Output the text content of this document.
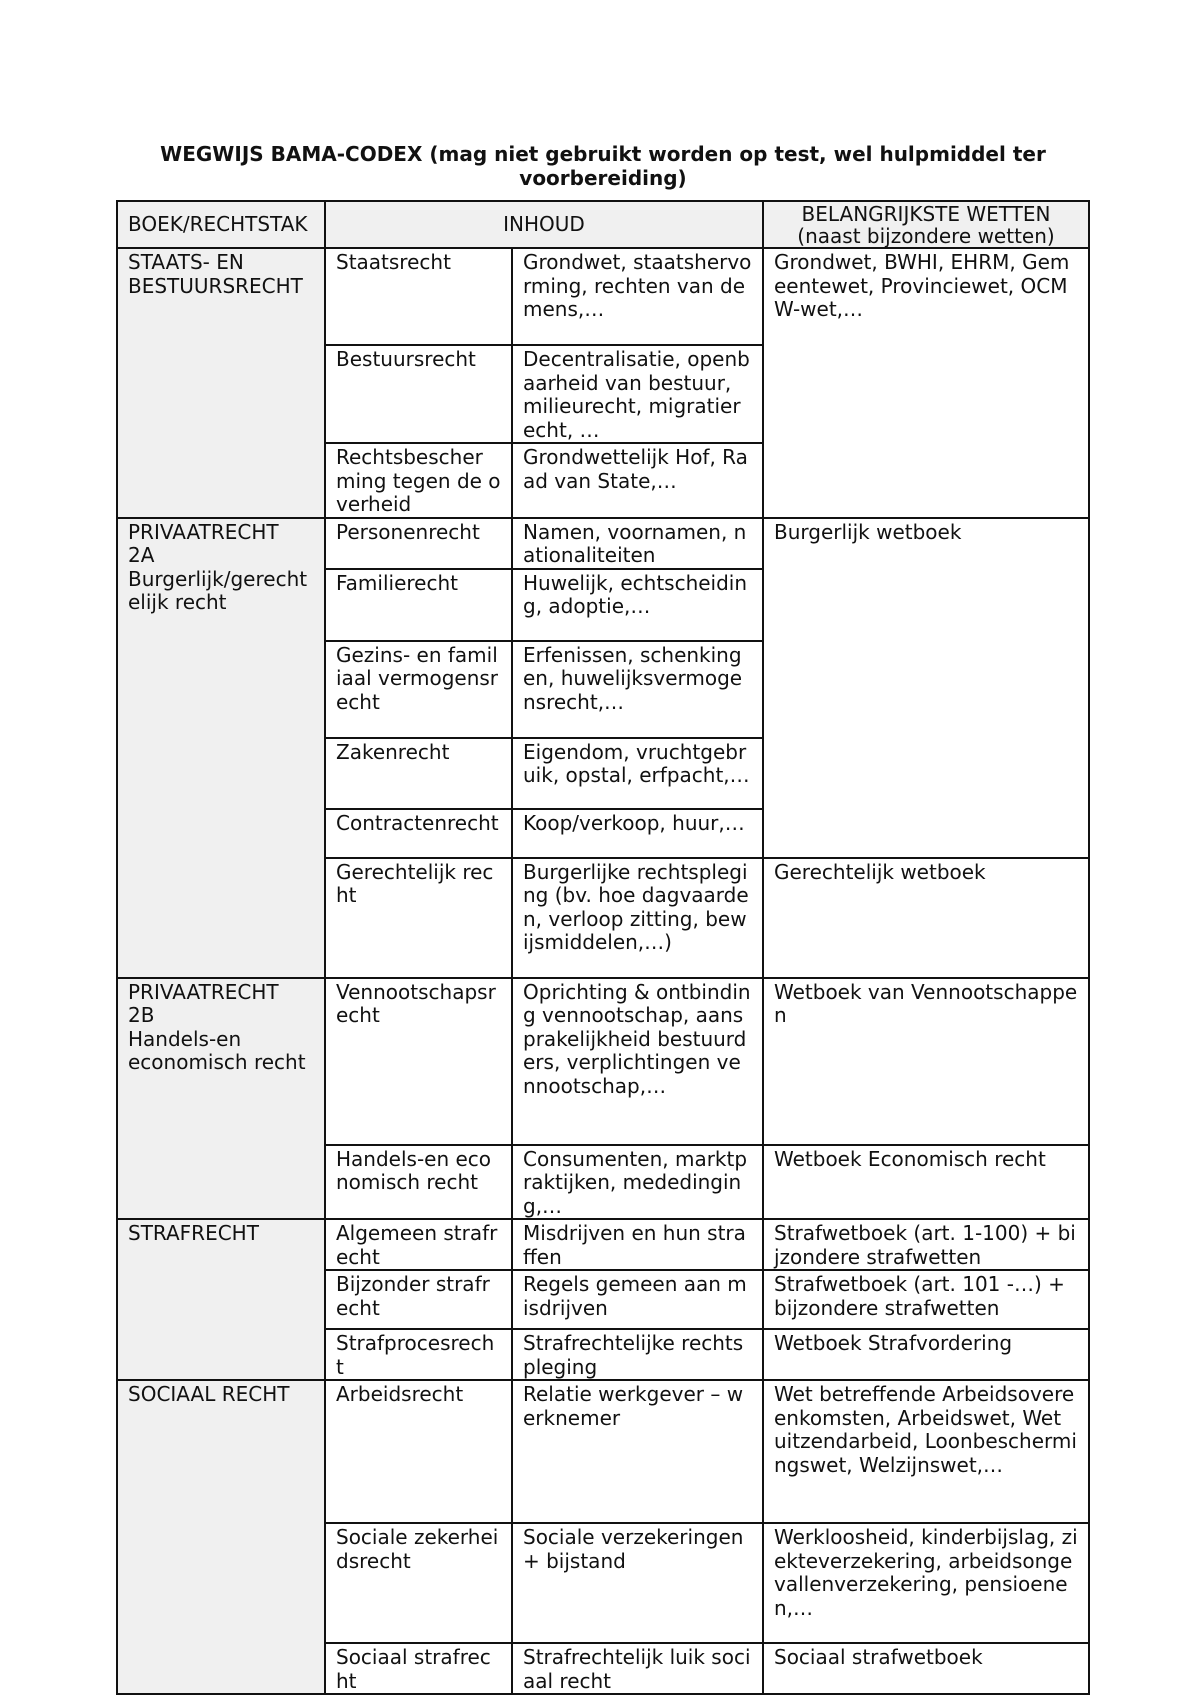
WEGWIJS BAMA-CODEX (mag niet gebruikt worden op test, wel hulpmiddel ter voorbereiding)
BOEK/RECHTSTAK	INHOUD		BELANGRIJKSTE WETTEN
(naast bijzondere wetten)

STAATS- EN
BESTUURSRECHT	Staatsrecht	Grondwet, staatshervorming, rechten van de mens,…	Grondwet, BWHI, EHRM, Gemeentewet, Provinciewet, OCMW-wet,…
	Bestuursrecht	Decentralisatie, openbaarheid van bestuur, milieurecht, migratierecht, …	
	Rechtsbescherming tegen de overheid	Grondwettelijk Hof, Raad van State,…	

PRIVAATRECHT
2A
Burgerlijk/gerechtelijk recht	Personenrecht	Namen, voornamen, nationaliteiten	Burgerlijk wetboek
	Familierecht	Huwelijk, echtscheiding, adoptie,…	
	Gezins- en familiaal vermogensrecht	Erfenissen, schenkingen, huwelijksvermogensrecht,…	
	Zakenrecht	Eigendom, vruchtgebruik, opstal, erfpacht,…	
	Contractenrecht	Koop/verkoop, huur,…	
	Gerechtelijk recht	Burgerlijke rechtspleging (bv. hoe dagvaarden, verloop zitting, bewijsmiddelen,…)	Gerechtelijk wetboek

PRIVAATRECHT
2B
Handels-en
economisch recht	Vennootschapsrecht	Oprichting & ontbinding vennootschap, aansprakelijkheid bestuurders, verplichtingen vennootschap,…	Wetboek van Vennootschappen
	Handels-en economisch recht	Consumenten, marktpraktijken, mededinging,…	Wetboek Economisch recht

STRAFRECHT	Algemeen strafrecht	Misdrijven en hun straffen	Strafwetboek (art. 1-100) + bijzondere strafwetten
	Bijzonder strafrecht	Regels gemeen aan misdrijven	Strafwetboek (art. 101 -…) + bijzondere strafwetten
	Strafprocesrecht	Strafrechtelijke rechtspleging	Wetboek Strafvordering

SOCIAAL RECHT	Arbeidsrecht	Relatie werkgever – werknemer	Wet betreffende Arbeidsovereenkomsten, Arbeidswet, Wet uitzendarbeid, Loonbeschermingswet, Welzijnswet,…
	Sociale zekerheidsrecht	Sociale verzekeringen + bijstand	Werkloosheid, kinderbijslag, ziekteverzekering, arbeidsongevallenverzekering, pensioenen,…
	Sociaal strafrecht	Strafrechtelijk luik sociaal recht	Sociaal strafwetboek
